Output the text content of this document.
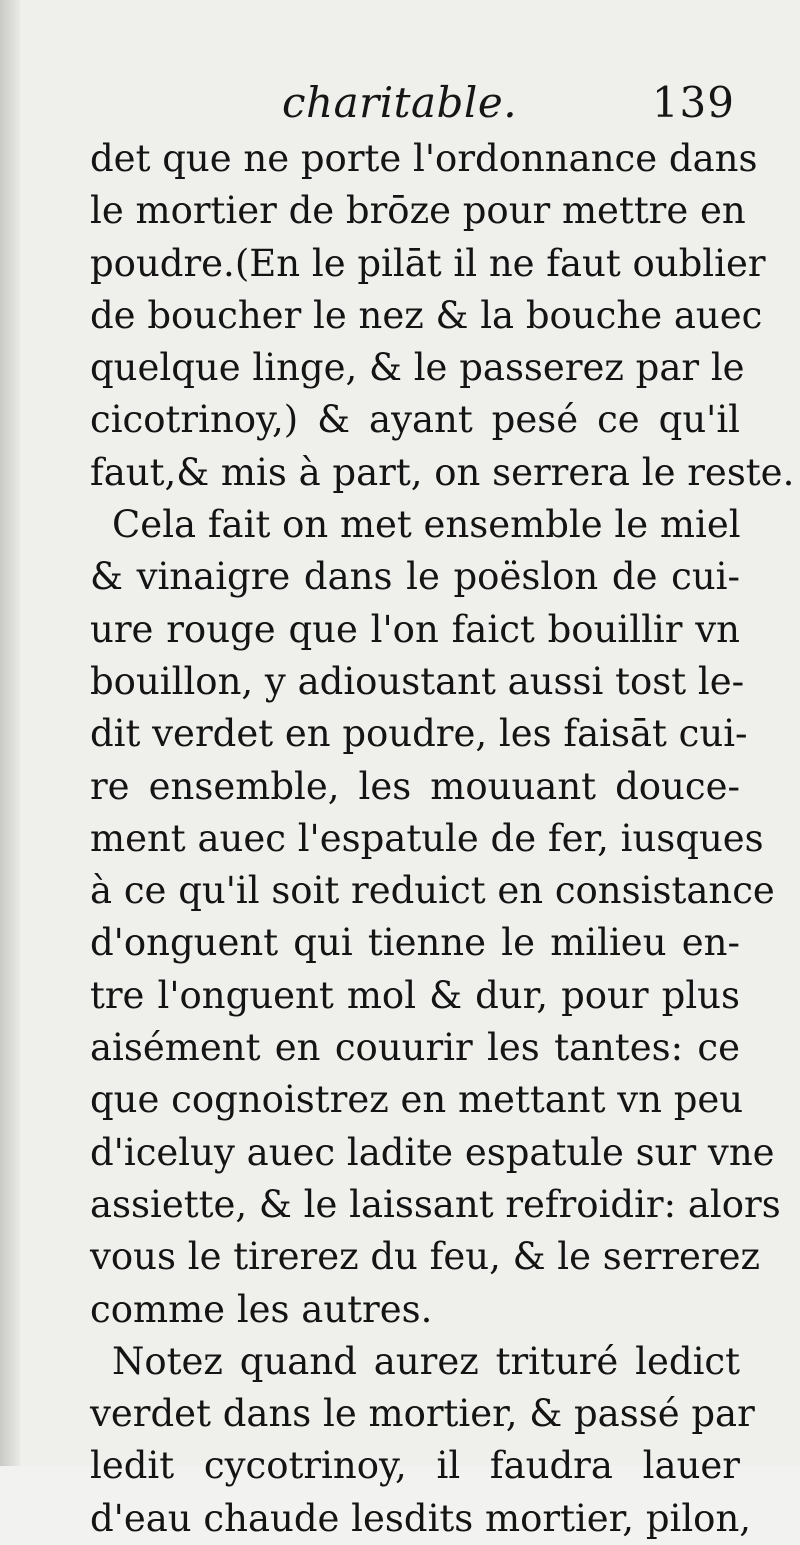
charitable.	139
det que ne porte l'ordonnance dans
le mortier de brōze pour mettre en
poudre.(En le pilāt il ne faut oublier
de boucher le nez & la bouche auec
quelque linge, & le passerez par le
cicotrinoy,) & ayant pesé ce qu'il
faut,& mis à part, on serrera le reste.
Cela fait on met ensemble le miel
& vinaigre dans le poëslon de cui-
ure rouge que l'on faict bouillir vn
bouillon, y adioustant aussi tost le-
dit verdet en poudre, les faisāt cui-
re ensemble, les mouuant douce-
ment auec l'espatule de fer, iusques
à ce qu'il soit reduict en consistance
d'onguent qui tienne le milieu en-
tre l'onguent mol & dur, pour plus
aisément en couurir les tantes: ce
que cognoistrez en mettant vn peu
d'iceluy auec ladite espatule sur vne
assiette, & le laissant refroidir: alors
vous le tirerez du feu, & le serrerez
comme les autres.
Notez quand aurez trituré ledict
verdet dans le mortier, & passé par
ledit cycotrinoy, il faudra lauer
d'eau chaude lesdits mortier, pilon,
